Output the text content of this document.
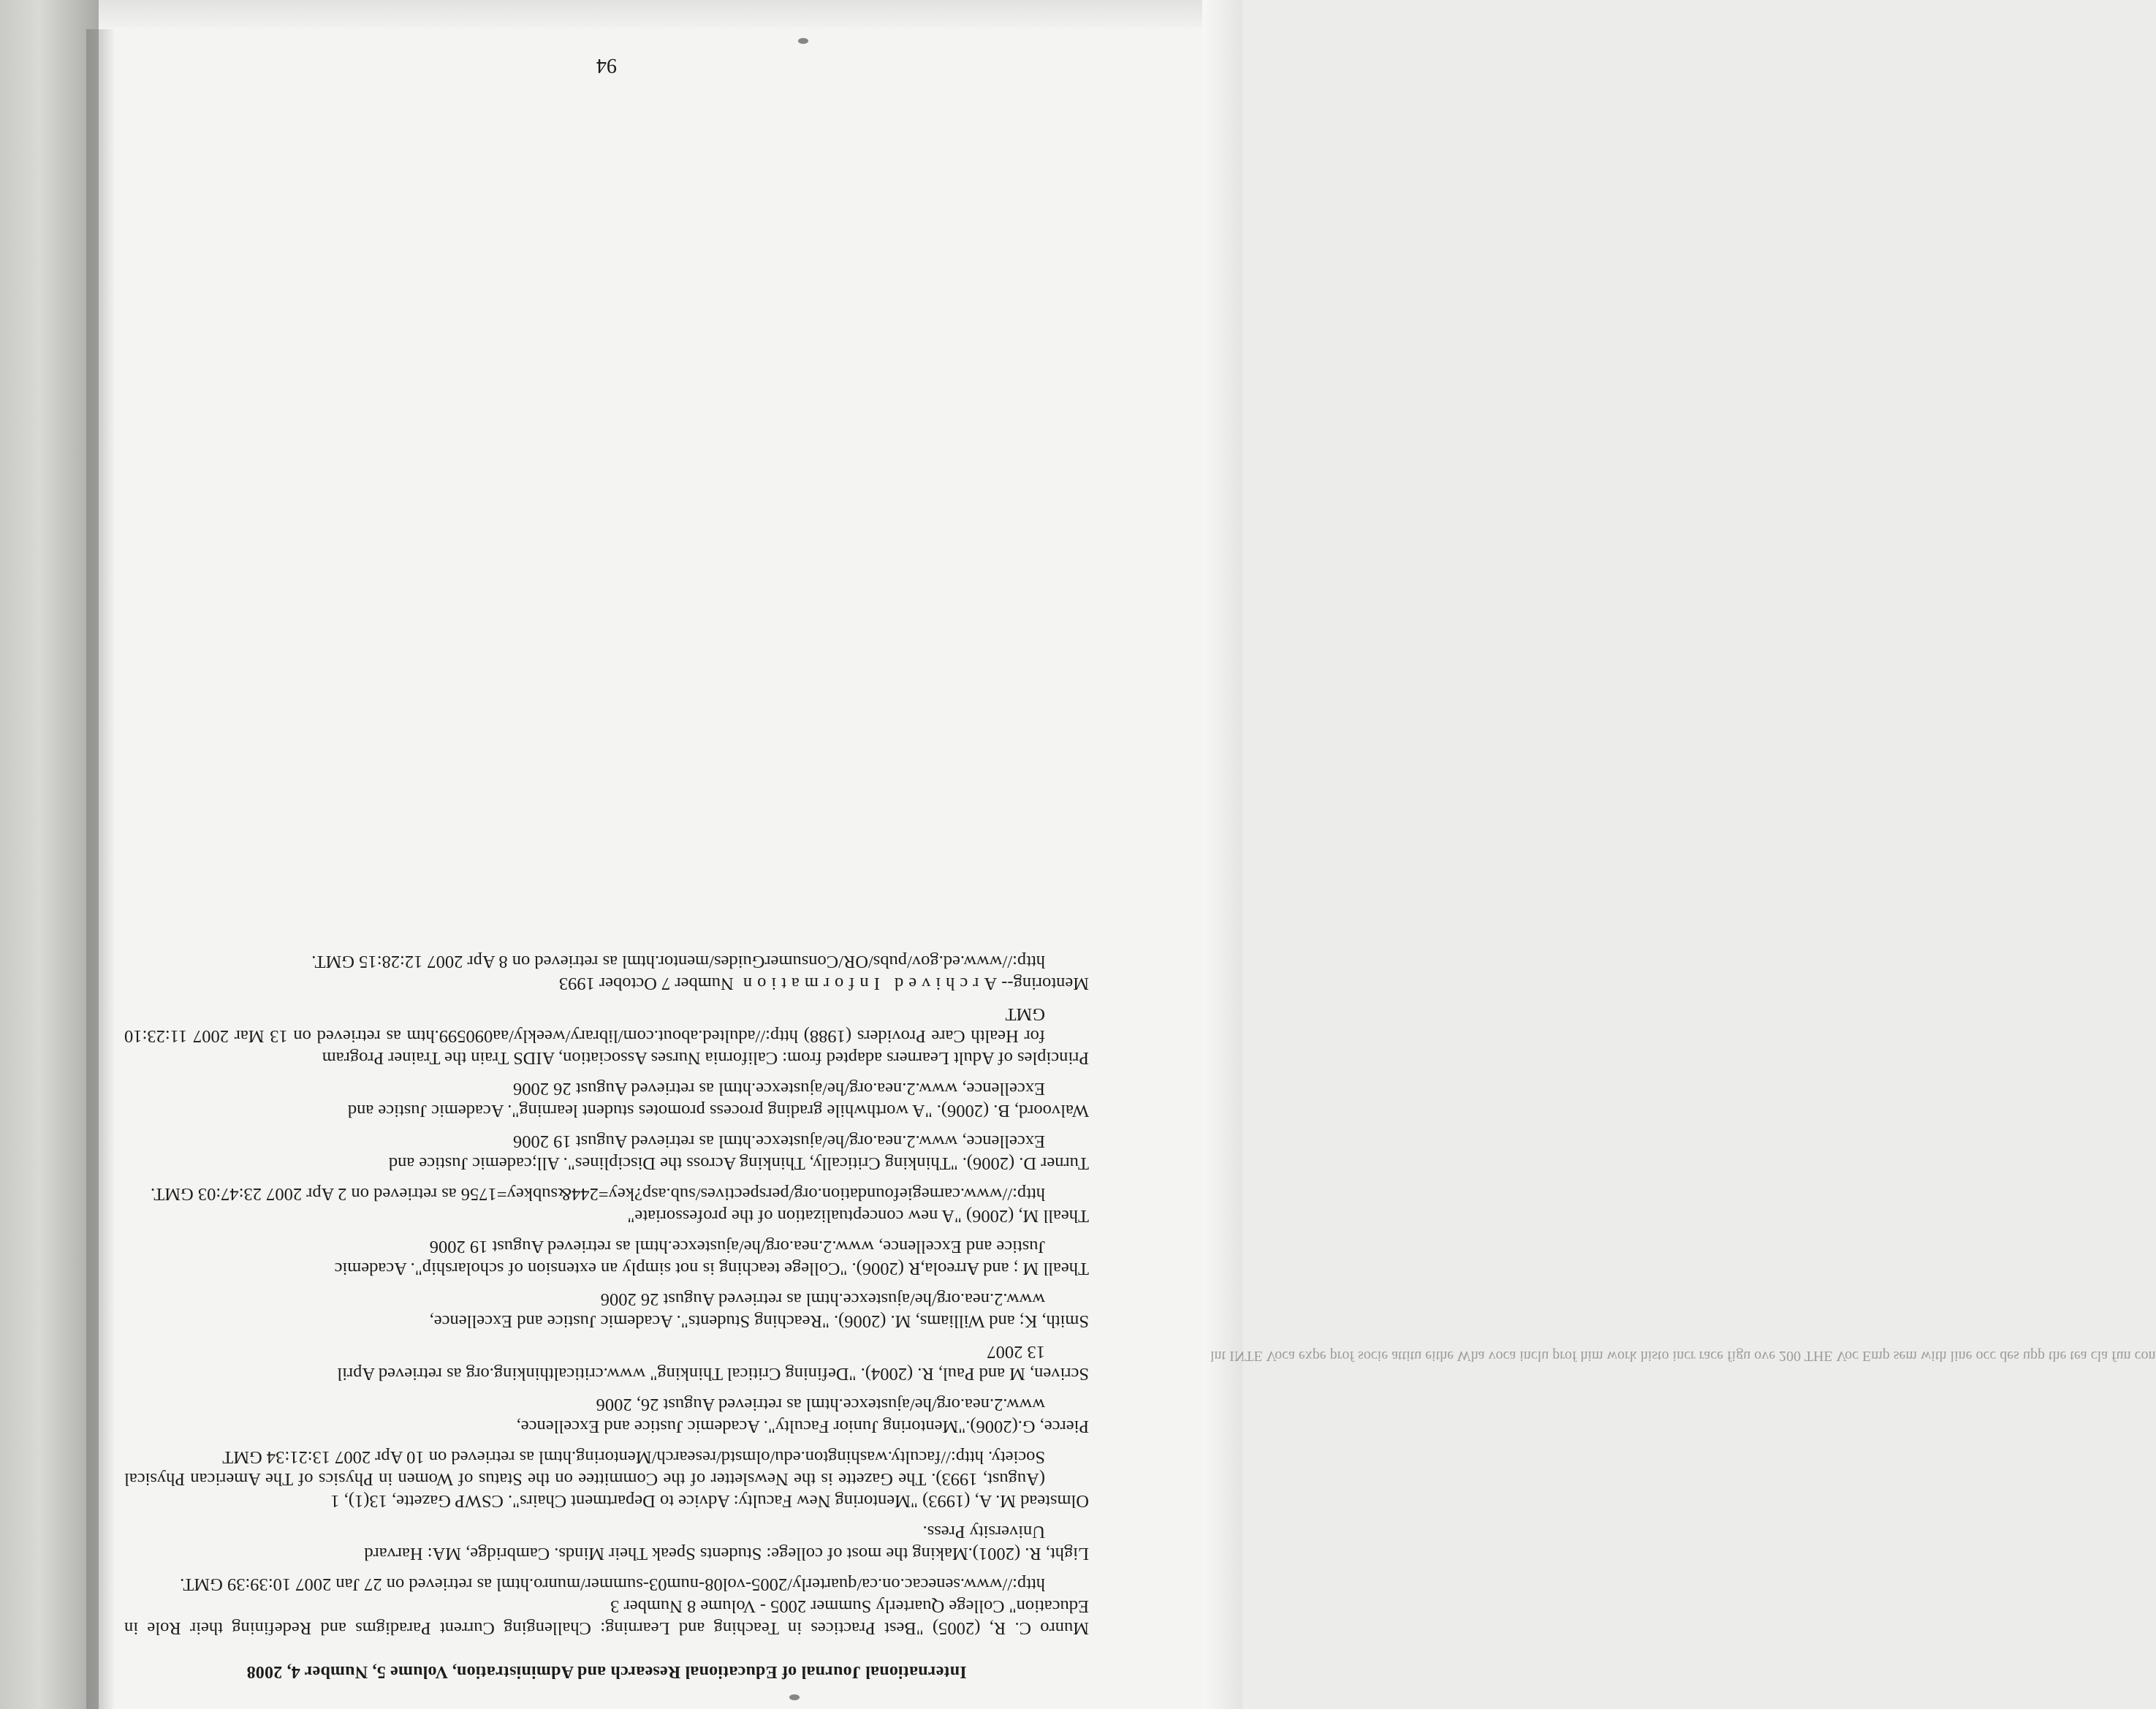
lnt INTE Voca expe prof socie attitu eithe Wha voca inclu prof him work histo incr race figu ove 200 THE Voc Emp sem with line occ des upp the tea cla fun con
International Journal of Educational Research and Administration, Volume 5, Number 4, 2008
Munro C. R, (2005) "Best Practices in Teaching and Learning: Challenging Current Paradigms and Redefining their Role in Education" College Quarterly Summer 2005 - Volume 8 Number 3
http://www.senecac.on.ca/quarterly/2005-vol08-num03-summer/munro.html as retrieved on 27 Jan 2007 10:39:39 GMT.
Light, R. (2001).Making the most of college: Students Speak Their Minds. Cambridge, MA: Harvard
University Press.
Olmstead M. A, (1993) "Mentoring New Faculty: Advice to Department Chairs". CSWP Gazette, 13(1), 1
(August, 1993). The Gazette is the Newsletter of the Committee on the Status of Women in Physics of The American Physical Society. http://faculty.washington.edu/olmstd/research/Mentoring.html as retrieved on 10 Apr 2007 13:21:34 GMT
Pierce, G.(2006)."Mentoring Junior Faculty". Academic Justice and Excellence,
www.2.nea.org/he/ajustexce.html as retrieved August 26, 2006
Scriven, M and Paul, R. (2004). "Defining Critical Thinking" www.criticalthinking.org as retrieved April
13 2007
Smith, K; and Williams, M. (2006). "Reaching Students". Academic Justice and Excellence,
www.2.nea.org/he/ajustexce.html as retrieved August 26 2006
Theall M ; and Arreola,R (2006). "College teaching is not simply an extension of scholarship". Academic
Justice and Excellence, www.2.nea.org/he/ajustexce.html as retrieved August 19 2006
Theall M, (2006) "A new conceptualization of the professoriate"
http://www.carnegiefoundation.org/perspectives/sub.asp?key=244&subkey=1756 as retrieved on 2 Apr 2007 23:47:03 GMT.
Turner D. (2006). "Thinking Critically, Thinking Across the Disciplines". All;cademic Justice and
Excellence, www.2.nea.org/he/ajustexce.html as retrieved August 19 2006
Walvoord, B. (2006). "A worthwhile grading process promotes student learning". Academic Justice and
Excellence, www.2.nea.org/he/ajustexce.html as retrieved August 26 2006
Principles of Adult Learners adapted from: California Nurses Association, AIDS Train the Trainer Program
for Health Care Providers (1988) http://adulted.about.com/library/weekly/aa090599.htm as retrieved on 13 Mar 2007 11:23:10 GMT
Mentoring-- Archived Information Number 7 October 1993
http://www.ed.gov/pubs/OR/ConsumerGuides/mentor.html as retrieved on 8 Apr 2007 12:28:15 GMT.
94
